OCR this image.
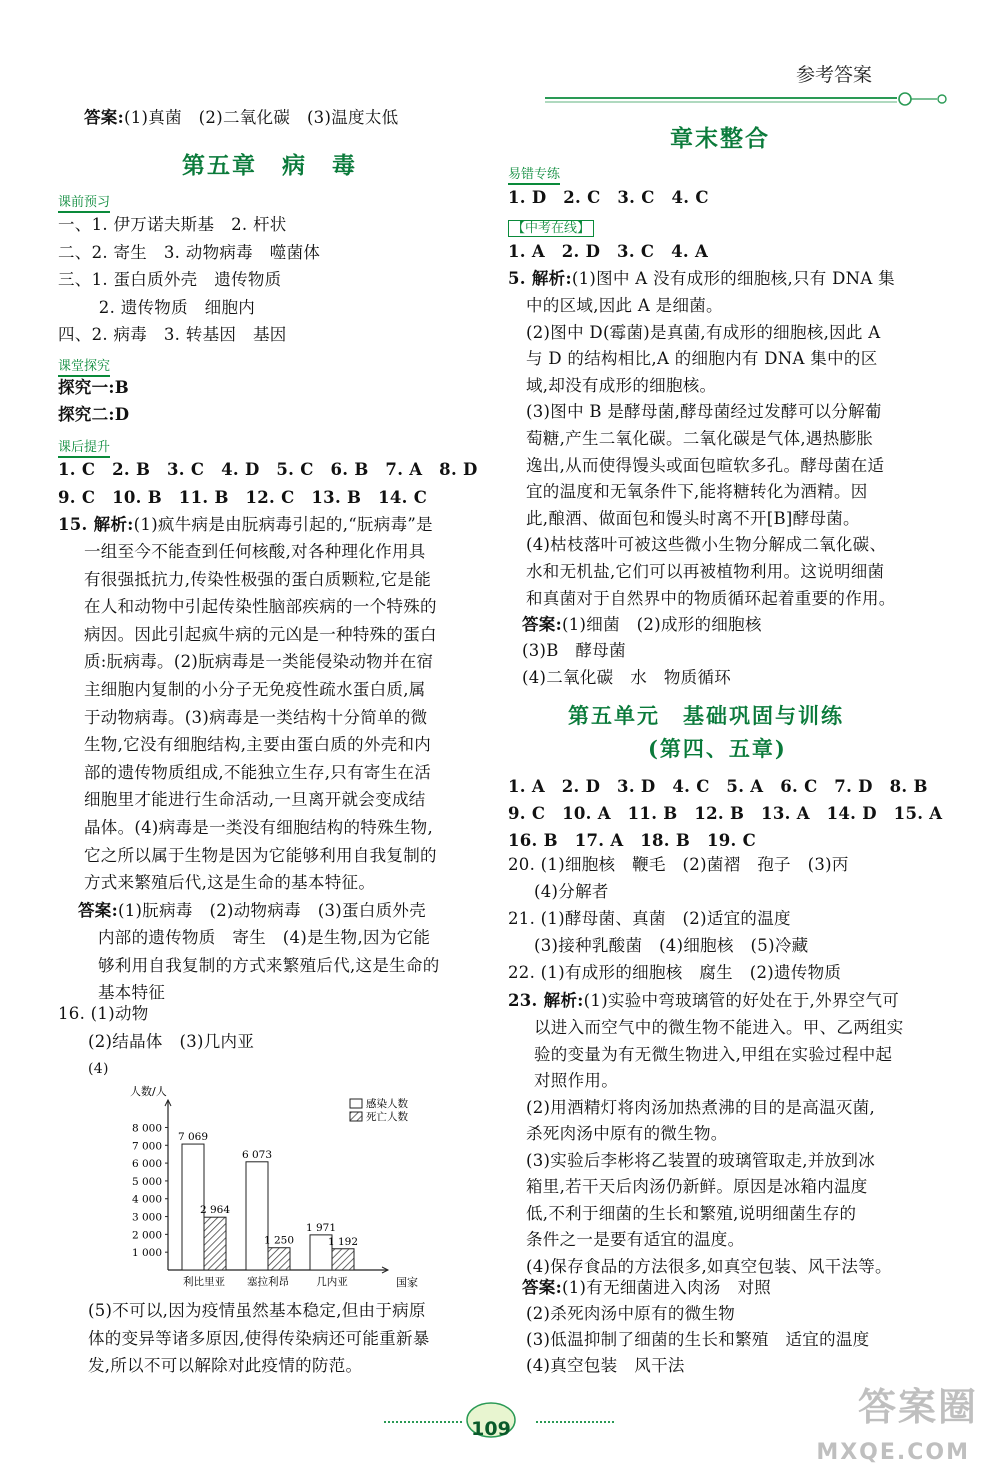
参考答案
答案:(1)真菌　(2)二氧化碳　(3)温度太低
第五章　病　毒
课前预习
一、1. 伊万诺夫斯基　2. 杆状
二、2. 寄生　3. 动物病毒　噬菌体
三、1. 蛋白质外壳　遗传物质
　2. 遗传物质　细胞内
四、2. 病毒　3. 转基因　基因
课堂探究
探究一:B
探究二:D
课后提升
1. C　2. B　3. C　4. D　5. C　6. B　7. A　8. D
9. C　10. B　11. B　12. C　13. B　14. C
15. 解析:(1)疯牛病是由朊病毒引起的,“朊病毒”是
一组至今不能查到任何核酸,对各种理化作用具
有很强抵抗力,传染性极强的蛋白质颗粒,它是能
在人和动物中引起传染性脑部疾病的一个特殊的
病因。因此引起疯牛病的元凶是一种特殊的蛋白
质:朊病毒。(2)朊病毒是一类能侵染动物并在宿
主细胞内复制的小分子无免疫性疏水蛋白质,属
于动物病毒。(3)病毒是一类结构十分简单的微
生物,它没有细胞结构,主要由蛋白质的外壳和内
部的遗传物质组成,不能独立生存,只有寄生在活
细胞里才能进行生命活动,一旦离开就会变成结
晶体。(4)病毒是一类没有细胞结构的特殊生物,
它之所以属于生物是因为它能够利用自我复制的
方式来繁殖后代,这是生命的基本特征。
答案:(1)朊病毒　(2)动物病毒　(3)蛋白质外壳
内部的遗传物质　寄生　(4)是生物,因为它能
够利用自我复制的方式来繁殖后代,这是生命的
基本特征
16. (1)动物
(2)结晶体　(3)几内亚
(4)
(5)不可以,因为疫情虽然基本稳定,但由于病原
体的变异等诸多原因,使得传染病还可能重新暴
发,所以不可以解除对此疫情的防范。
人数/人
国家
1 000
2 000
3 000
4 000
5 000
6 000
7 000
8 000
7 069
2 964
利比里亚
6 073
1 250
塞拉利昂
1 971
1 192
几内亚
感染人数
死亡人数
章末整合
易错专练
1. D　2. C　3. C　4. C
【中考在线】
1. A　2. D　3. C　4. A
5. 解析:(1)图中 A 没有成形的细胞核,只有 DNA 集
中的区域,因此 A 是细菌。
(2)图中 D(霉菌)是真菌,有成形的细胞核,因此 A
与 D 的结构相比,A 的细胞内有 DNA 集中的区
域,却没有成形的细胞核。
(3)图中 B 是酵母菌,酵母菌经过发酵可以分解葡
萄糖,产生二氧化碳。二氧化碳是气体,遇热膨胀
逸出,从而使得馒头或面包暄软多孔。酵母菌在适
宜的温度和无氧条件下,能将糖转化为酒精。因
此,酿酒、做面包和馒头时离不开[B]酵母菌。
(4)枯枝落叶可被这些微小生物分解成二氧化碳、
水和无机盐,它们可以再被植物利用。这说明细菌
和真菌对于自然界中的物质循环起着重要的作用。
答案:(1)细菌　(2)成形的细胞核
(3)B　酵母菌
(4)二氧化碳　水　物质循环
第五单元　基础巩固与训练
(第四、五章)
1. A　2. D　3. D　4. C　5. A　6. C　7. D　8. B
9. C　10. A　11. B　12. B　13. A　14. D　15. A
16. B　17. A　18. B　19. C
20. (1)细胞核　鞭毛　(2)菌褶　孢子　(3)丙
(4)分解者
21. (1)酵母菌、真菌　(2)适宜的温度
(3)接种乳酸菌　(4)细胞核　(5)冷藏
22. (1)有成形的细胞核　腐生　(2)遗传物质
23. 解析:(1)实验中弯玻璃管的好处在于,外界空气可
以进入而空气中的微生物不能进入。甲、乙两组实
验的变量为有无微生物进入,甲组在实验过程中起
对照作用。
(2)用酒精灯将肉汤加热煮沸的目的是高温灭菌,
杀死肉汤中原有的微生物。
(3)实验后李彬将乙装置的玻璃管取走,并放到冰
箱里,若干天后肉汤仍新鲜。原因是冰箱内温度
低,不利于细菌的生长和繁殖,说明细菌生存的
条件之一是要有适宜的温度。
(4)保存食品的方法很多,如真空包装、风干法等。
答案:(1)有无细菌进入肉汤　对照
(2)杀死肉汤中原有的微生物
(3)低温抑制了细菌的生长和繁殖　适宜的温度
(4)真空包装　风干法
109	答案圈
MXQE.COM
